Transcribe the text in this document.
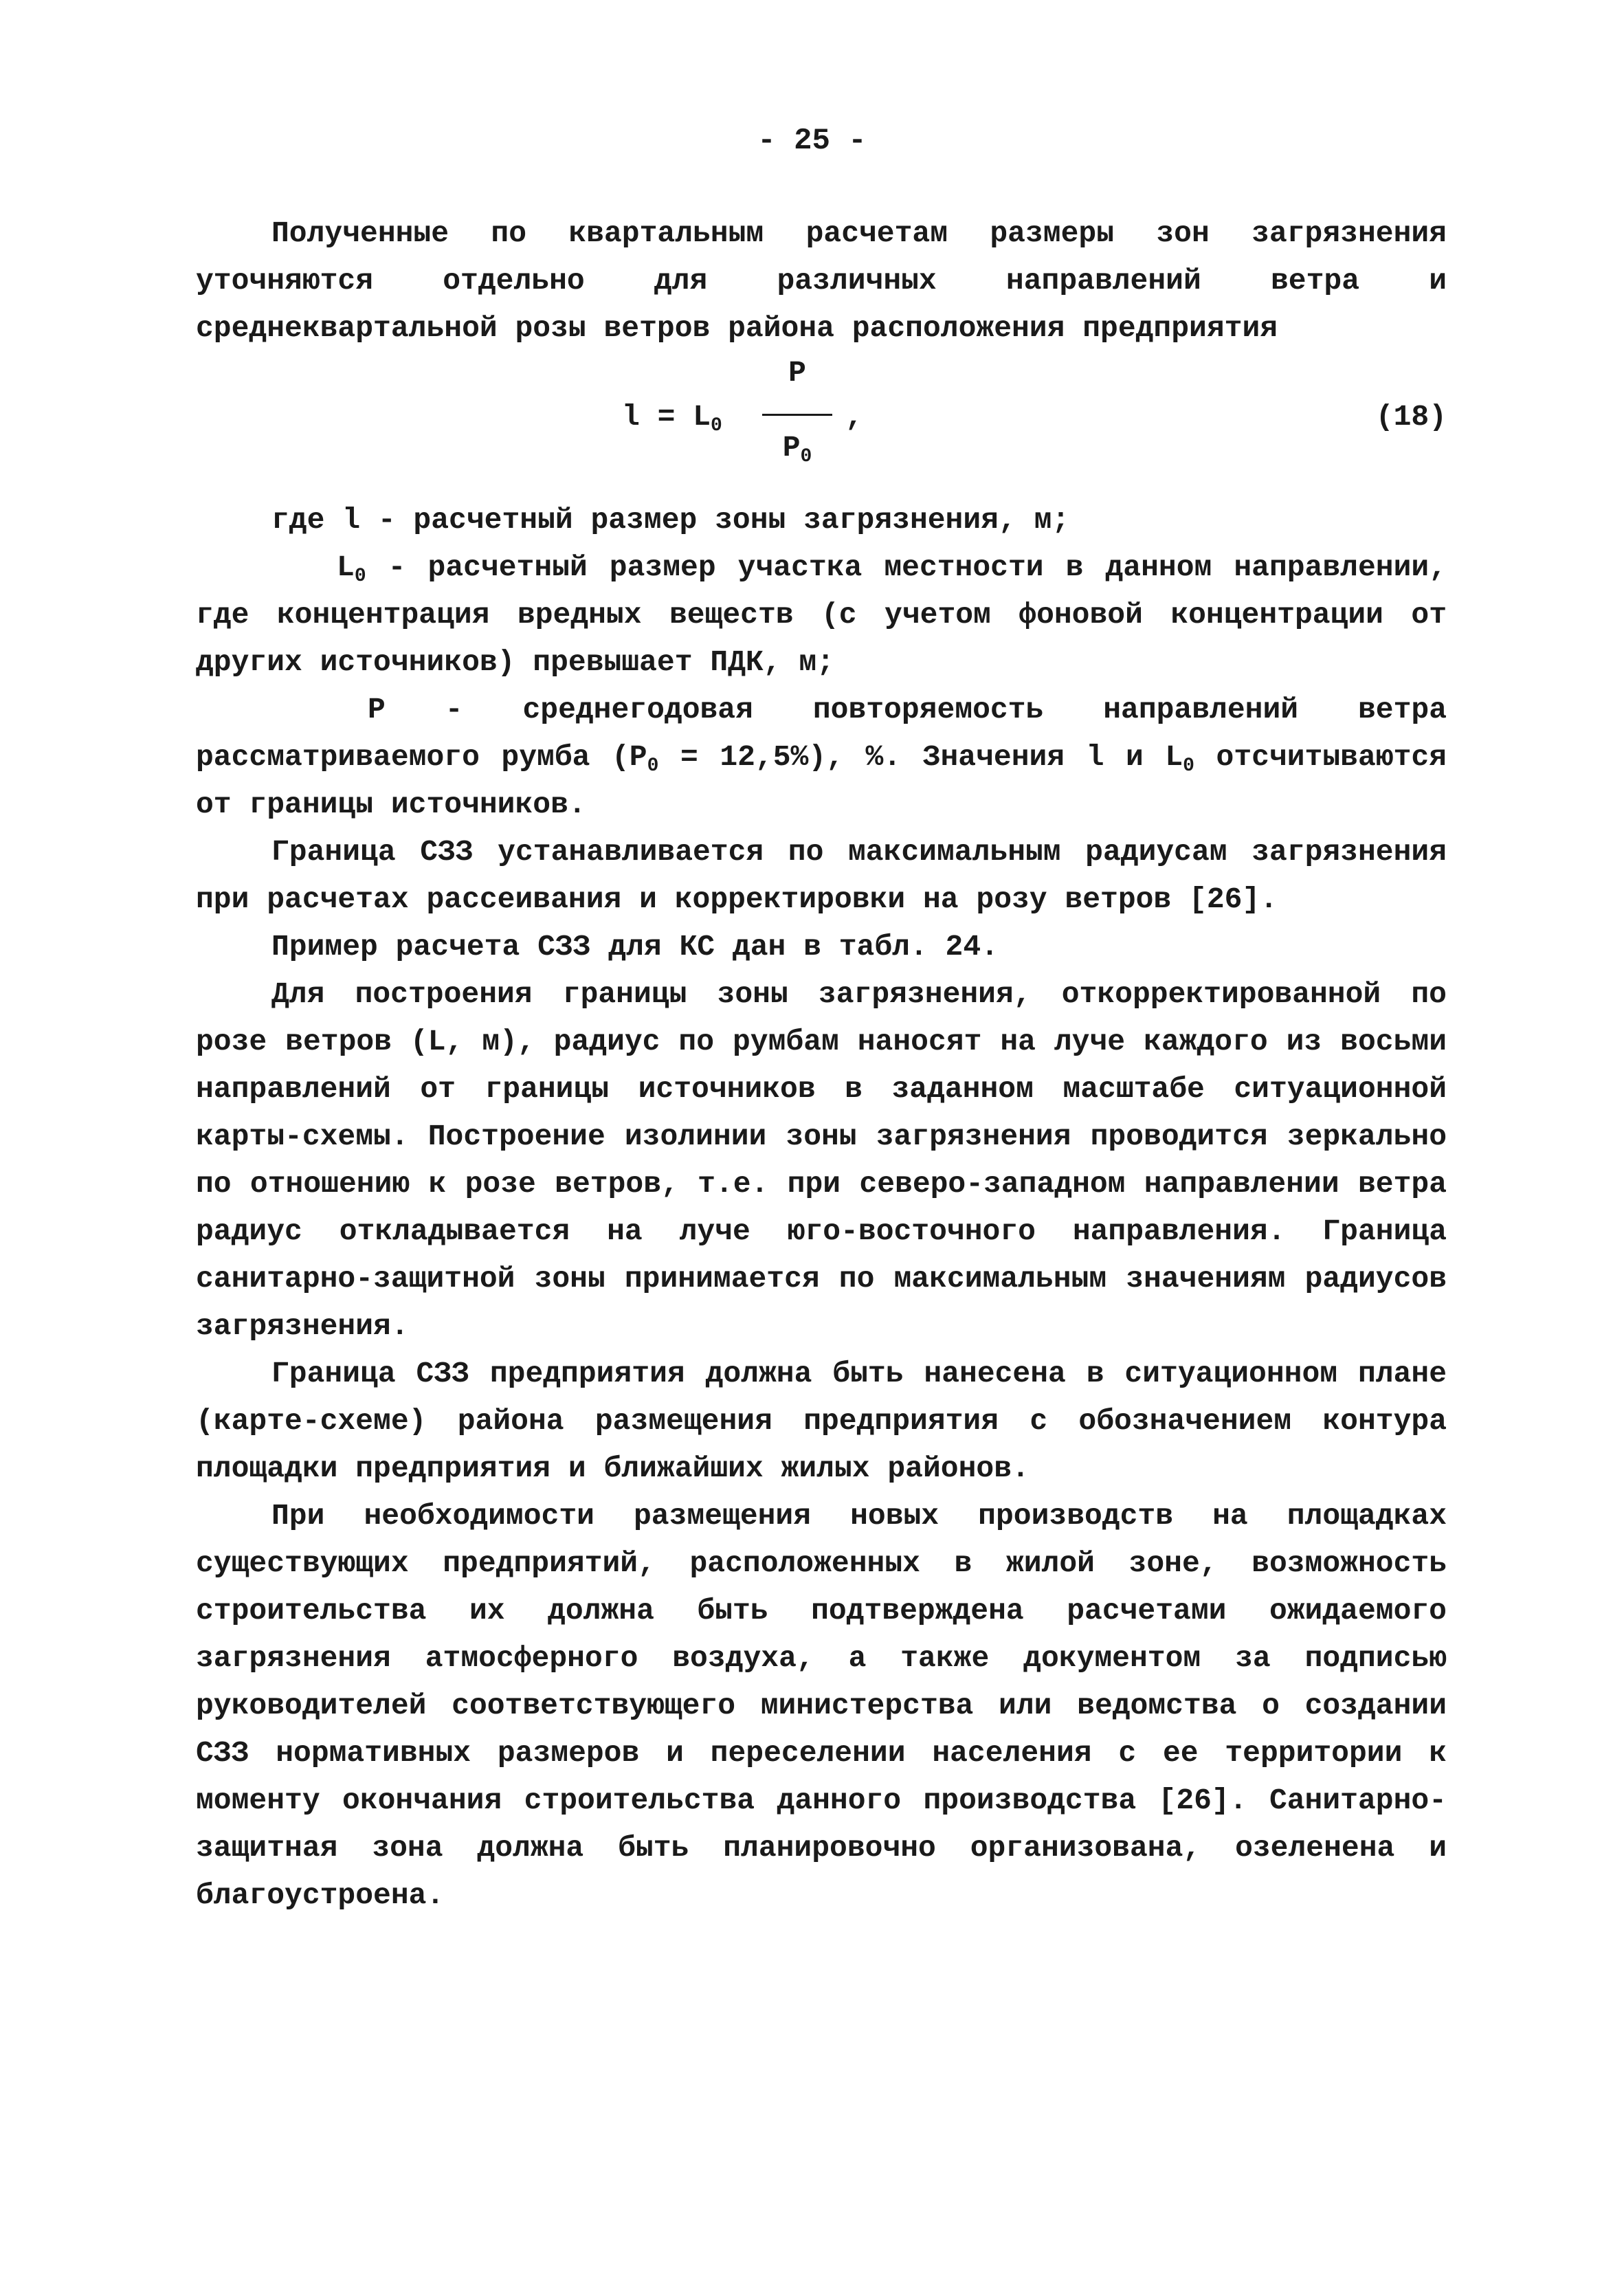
- 25 -

Полученные по квартальным расчетам размеры зон загрязнения уточняются отдельно для различных направлений ветра и среднеквартальной розы ветров района расположения предприятия

$l = L_0$
P
$P_0$
,	(18)

где l - расчетный размер зоны загрязнения, м;

$L_0$ - расчетный размер участка местности в данном направлении, где концентрация вредных веществ (с учетом фоновой концентрации от других источников) превышает ПДК, м;

P - среднегодовая повторяемость направлений ветра рассматриваемого румба $(P_0 = 12,5\%)$, %. Значения l и $L_0$ отсчитываются от границы источников.

Граница СЗЗ устанавливается по максимальным радиусам загрязнения при расчетах рассеивания и корректировки на розу ветров [26].

Пример расчета СЗЗ для КС дан в табл. 24.

Для построения границы зоны загрязнения, откорректированной по розе ветров (L, м), радиус по румбам наносят на луче каждого из восьми направлений от границы источников в заданном масштабе ситуационной карты-схемы. Построение изолинии зоны загрязнения проводится зеркально по отношению к розе ветров, т.е. при северо-западном направлении ветра радиус откладывается на луче юго-восточного направления. Граница санитарно-защитной зоны принимается по максимальным значениям радиусов загрязнения.

Граница СЗЗ предприятия должна быть нанесена в ситуационном плане (карте-схеме) района размещения предприятия с обозначением контура площадки предприятия и ближайших жилых районов.

При необходимости размещения новых производств на площадках существующих предприятий, расположенных в жилой зоне, возможность строительства их должна быть подтверждена расчетами ожидаемого загрязнения атмосферного воздуха, а также документом за подписью руководителей соответствующего министерства или ведомства о создании СЗЗ нормативных размеров и переселении населения с ее территории к моменту окончания строительства данного производства [26]. Санитарно-защитная зона должна быть планировочно организована, озеленена и благоустроена.
